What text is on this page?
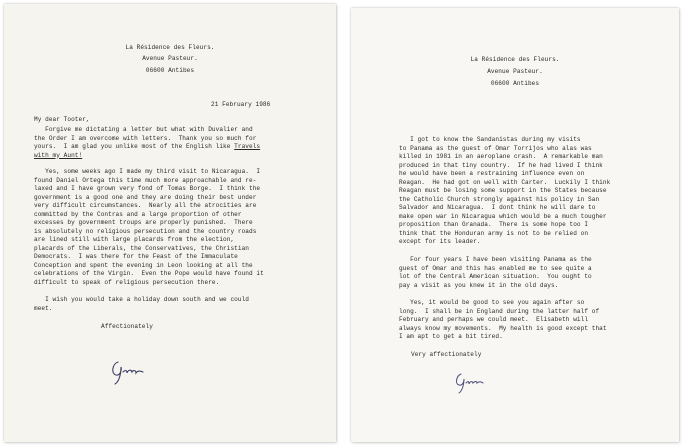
La Résidence des Fleurs.
Avenue Pasteur.
06600 Antibes
21 February 1986
My dear Tooter,
Forgive me dictating a letter but what with Duvalier and
the Order I am overcome with letters.  Thank you so much for
yours.  I am glad you unlike most of the English like Travels
with my Aunt!
Yes, some weeks ago I made my third visit to Nicaragua.  I
found Daniel Ortega this time much more approachable and re-
laxed and I have grown very fond of Tomas Borge.  I think the
government is a good one and they are doing their best under
very difficult circumstances.  Nearly all the atrocities are
committed by the Contras and a large proportion of other
excesses by government troups are properly punished.  There
is absolutely no religious persecution and the country roads
are lined still with large placards from the election,
placards of the Liberals, the Conservatives, the Christian
Democrats.  I was there for the Feast of the Immaculate
Conception and spent the evening in Leon looking at all the
celebrations of the Virgin.  Even the Pope would have found it
difficult to speak of religious persecution there.
I wish you would take a holiday down south and we could
meet.
Affectionately
La Résidence des Fleurs.
Avenue Pasteur.
06600 Antibes
I got to know the Sandanistas during my visits
to Panama as the guest of Omar Torrijos who alas was
killed in 1981 in an aeroplane crash.  A remarkable man
produced in that tiny country.  If he had lived I think
he would have been a restraining influence even on
Reagan.  He had got on well with Carter.  Luckily I think
Reagan must be losing some support in the States because
the Catholic Church strongly against his policy in San
Salvador and Nicaragua.  I dont think he will dare to
make open war in Nicaragua which would be a much tougher
proposition than Granada.  There is some hope too I
think that the Honduran army is not to be relied on
except for its leader.
For four years I have been visiting Panama as the
guest of Omar and this has enabled me to see quite a
lot of the Central American situation.  You ought to
pay a visit as you knew it in the old days.
Yes, it would be good to see you again after so
long.  I shall be in England during the latter half of
February and perhaps we could meet.  Elisabeth will
always know my movements.  My health is good except that
I am apt to get a bit tired.
Very affectionately
